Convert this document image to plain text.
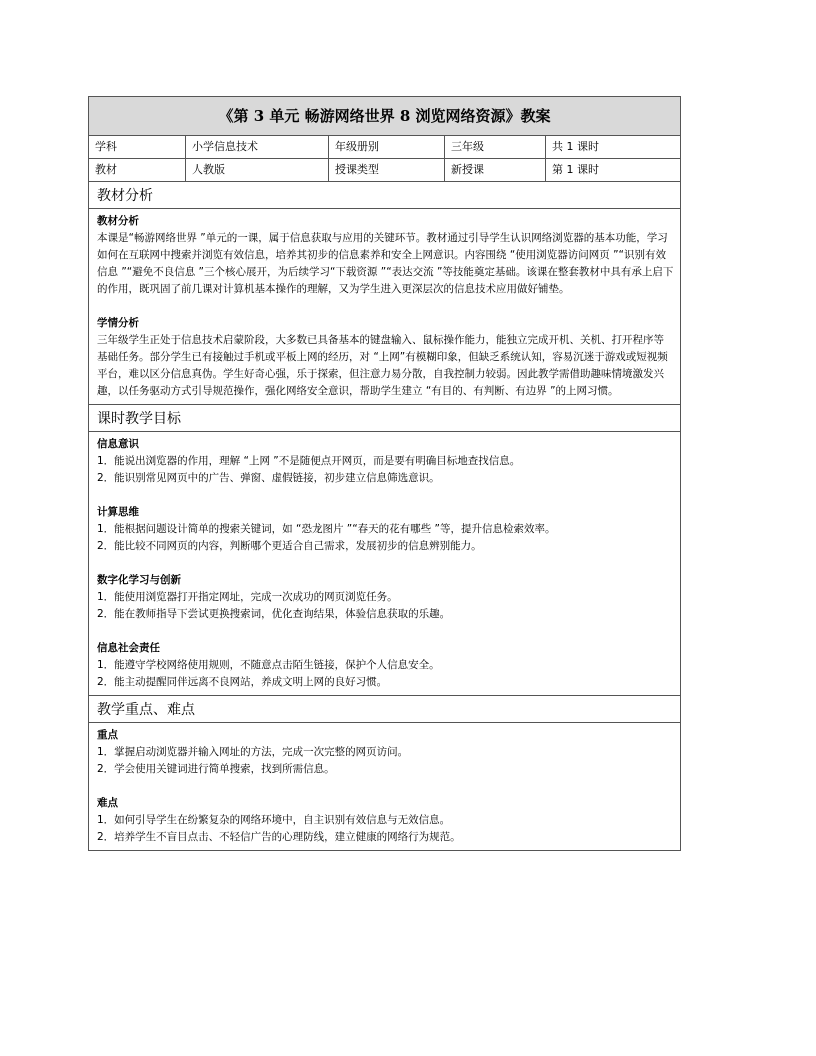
《第 3 单元 畅游网络世界 8 浏览网络资源》教案
学科	小学信息技术	年级册别	三年级	共 1 课时
教材	人教版	授课类型	新授课	第 1 课时
教材分析
教材分析

本课是“畅游网络世界 ”单元的一课，属于信息获取与应用的关键环节。教材通过引导学生认识网络浏览器的基本功能，学习如何在互联网中搜索并浏览有效信息，培养其初步的信息素养和安全上网意识。内容围绕 “使用浏览器访问网页 ”“识别有效信息 ”“避免不良信息 ”三个核心展开，为后续学习“下载资源 ”“表达交流 ”等技能奠定基础。该课在整套教材中具有承上启下的作用，既巩固了前几课对计算机基本操作的理解，又为学生进入更深层次的信息技术应用做好铺垫。

学情分析

三年级学生正处于信息技术启蒙阶段，大多数已具备基本的键盘输入、鼠标操作能力，能独立完成开机、关机、打开程序等基础任务。部分学生已有接触过手机或平板上网的经历，对 “上网”有模糊印象，但缺乏系统认知，容易沉迷于游戏或短视频平台，难以区分信息真伪。学生好奇心强，乐于探索，但注意力易分散，自我控制力较弱。因此教学需借助趣味情境激发兴趣，以任务驱动方式引导规范操作，强化网络安全意识，帮助学生建立 “有目的、有判断、有边界 ”的上网习惯。

课时教学目标
信息意识

1．能说出浏览器的作用，理解 “上网 ”不是随便点开网页，而是要有明确目标地查找信息。

2．能识别常见网页中的广告、弹窗、虚假链接，初步建立信息筛选意识。

计算思维

1．能根据问题设计简单的搜索关键词，如 “恐龙图片 ”“春天的花有哪些 ”等，提升信息检索效率。

2．能比较不同网页的内容，判断哪个更适合自己需求，发展初步的信息辨别能力。

数字化学习与创新

1．能使用浏览器打开指定网址，完成一次成功的网页浏览任务。

2．能在教师指导下尝试更换搜索词，优化查询结果，体验信息获取的乐趣。

信息社会责任

1．能遵守学校网络使用规则，不随意点击陌生链接，保护个人信息安全。

2．能主动提醒同伴远离不良网站，养成文明上网的良好习惯。

教学重点、难点
重点

1．掌握启动浏览器并输入网址的方法，完成一次完整的网页访问。

2．学会使用关键词进行简单搜索，找到所需信息。

难点

1．如何引导学生在纷繁复杂的网络环境中，自主识别有效信息与无效信息。

2．培养学生不盲目点击、不轻信广告的心理防线，建立健康的网络行为规范。
